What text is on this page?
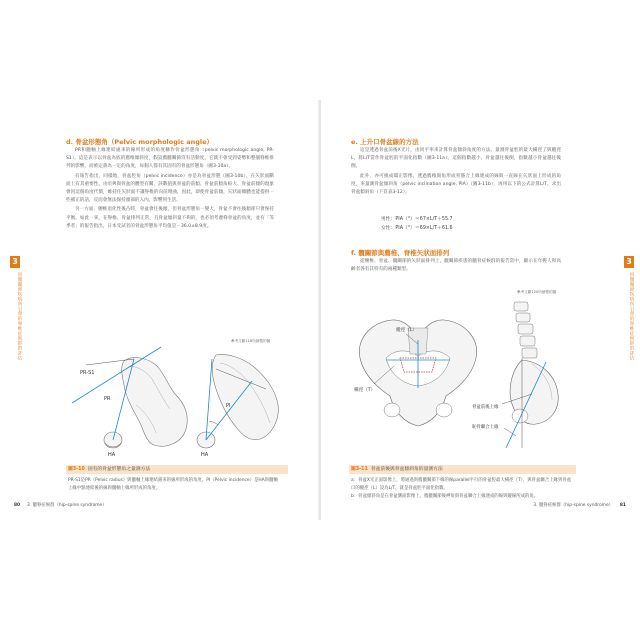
d. 骨盆形態角（Pelvic morphologic angle）

PR和髖軸上緣連結處來的線所形成的角度稱作骨盆形態角（pelvic morphologic angle, PR-S1）。這是表示以骨盆為底的薦椎傾斜度，假設薦髖關節沒有活動度，它就不會受到姿勢和整個脊椎排列的影響，而被定義為一定的角度，每個人都有其固有的骨盆形態角（圖3-10a）。

有報告指出，同樣地，骨盆腔角（pelvic incidence）亦是為骨盆形態（圖3-10b），在矢狀面斷面上有其重要性。由於PI與骨盆的體型有關，該數值與骨盆的前傾、骨盆前傾角較大、骨盆前傾的現象會因這個角度代償，維持住矢狀面不讓脊椎的向前彎曲，因此，即使骨盆前傾，矢狀面總體也能提供一些補正的話，反而會無法保持頭部的入內，影響到生活。

另一方面，腰椎退化性後凸時，骨盆會往後傾，但骨盆形態角一變大，骨盆不會往後傾卻只會保持平衡。如此一來，在脊椎、骨盆排列正常，且骨盆傾斜量不夠的，也必須考慮脊骨盆的角度，並有「等季者」的報告指出，日本受試者的骨盆形態角平均值是－36.0±8.9度。

參考文獻116所繪製的圖
PR-S1
PR
HA
PI
HA
圖3-10 固有的骨盆形態角之量測方法
PR-S1是PR（Pelvic radius）與髖軸上緣連結處來的線所形成的角度。PI（Pelvic incidence）是HA與髖軸上緣中點連結後的線與髖軸上緣所形成的角度。
80 3. 髖脊症候群（hip-spine syndrome）
3
因髖關節疾病所引發的脊椎症候群的評估
e. 上升口骨盆線的方法

這是透過骨盆前後X光片，由同平率來計算骨盆傾斜角度的方法。量測骨盆腔的最大橫徑了與縱徑L，將L/T當作骨盆腔的平面化指數（圖3-11a）。這個指數越小，骨盆越往後倒，指數越小骨盆越往後倒。

此外，亦可換成矯正影像，透過薦椎與角形成骨骼合上緣連成的線與一直線在矢狀面上形成的角度，來量測骨盆傾斜角（pelvic inclination angle, PIA）（圖3-11b），再用以下的公式計算L/T，求出骨盆傾斜角（下頁表3-12）。

男性：PIA（°）＝67×L/T＋55.7
女性：PIA（°）＝69×L/T＋61.6
f. 髖關節與薦椎、脊椎矢狀面排列

從腰椎、骨盆、髖關節的矢狀面排列上，髖關節疾患的髖骨症候群的報告當中，顯示在年輕人和高齡者各有其特有的兩種類型。

參考文獻120所繪製的圖
縱徑（L）
橫徑（T）
骨盆前後上緣
恥骨聯合上緣
圖3-11 骨盆前後與骨盆傾斜角的量測方法
a：骨盆X光正面影像上，將通過與薦髖關節下緣的線parallel平行的骨盆腔最大橫徑（T），與骨盆聯合上緣到骨盆口的縱徑（L）設為L/T，就是骨盆腔平面化指數。
b：骨盆傾斜角是在骨盆側面影像上，薦髖關節後岬角與骨盆聯合上緣連成的線與縱線所成的角。
3. 髖脊症候群（hip-spine syndrome） 81
3
因髖關節疾病所引發的脊椎症候群的評估
